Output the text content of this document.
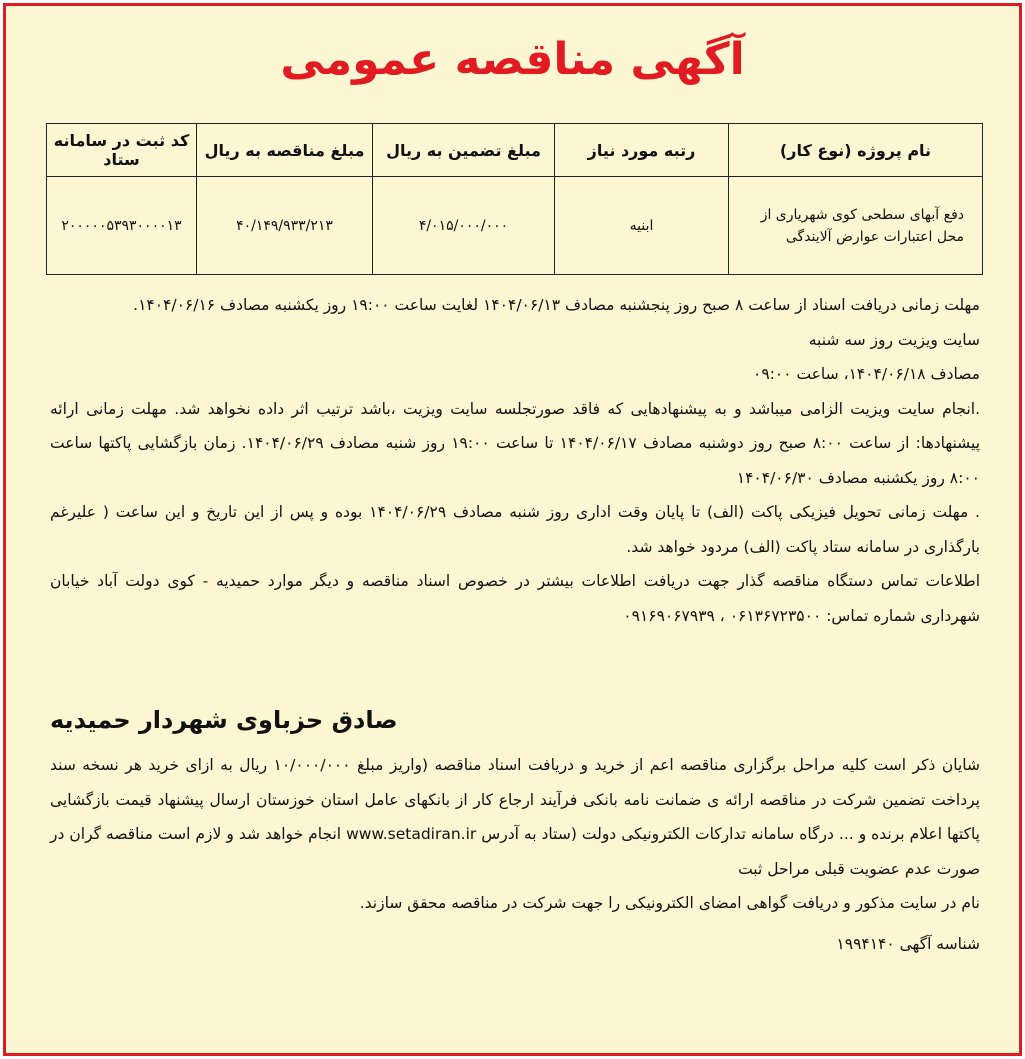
آگهی مناقصه عمومی
نام پروژه (نوع کار)	رتبه مورد نیاز	مبلغ تضمین به ریال	مبلغ مناقصه به ریال	کد ثبت در سامانه ستاد
دفع آبهای سطحی کوی شهریاری از محل اعتبارات عوارض آلایندگی	ابنیه	۴/۰۱۵/۰۰۰/۰۰۰	۴۰/۱۴۹/۹۳۳/۲۱۳	۲۰۰۰۰۰۵۳۹۳۰۰۰۰۱۳

مهلت زمانی دریافت اسناد از ساعت ۸ صبح روز پنجشنبه مصادف ۱۴۰۴/۰۶/۱۳ لغایت ساعت ۱۹:۰۰ روز یکشنبه مصادف ۱۴۰۴/۰۶/۱۶.

سایت ویزیت روز سه شنبه

مصادف ۱۴۰۴/۰۶/۱۸، ساعت ۰۹:۰۰

.انجام سایت ویزیت الزامی میباشد و به پیشنهادهایی که فاقد صورتجلسه سایت ویزیت ،باشد ترتیب اثر داده نخواهد شد. مهلت زمانی ارائه پیشنهادها: از ساعت ۸:۰۰ صبح روز دوشنبه مصادف ۱۴۰۴/۰۶/۱۷ تا ساعت ۱۹:۰۰ روز شنبه مصادف ۱۴۰۴/۰۶/۲۹. زمان بازگشایی پاکتها ساعت ۸:۰۰ روز یکشنبه مصادف ۱۴۰۴/۰۶/۳۰

. مهلت زمانی تحویل فیزیکی پاکت (الف) تا پایان وقت اداری روز شنبه مصادف ۱۴۰۴/۰۶/۲۹ بوده و پس از این تاریخ و این ساعت ( علیرغم بارگذاری در سامانه ستاد پاکت (الف) مردود خواهد شد.

اطلاعات تماس دستگاه مناقصه گذار جهت دریافت اطلاعات بیشتر در خصوص اسناد مناقصه و دیگر موارد حمیدیه - کوی دولت آباد خیابان شهرداری شماره تماس: ۰۶۱۳۶۷۲۳۵۰۰ ، ۰۹۱۶۹۰۶۷۹۳۹

صادق حزباوی شهردار حمیدیه

شایان ذکر است کلیه مراحل برگزاری مناقصه اعم از خرید و دریافت اسناد مناقصه (واریز مبلغ ۱۰/۰۰۰/۰۰۰ ریال به ازای خرید هر نسخه سند پرداخت تضمین شرکت در مناقصه ارائه ی ضمانت نامه بانکی فرآیند ارجاع کار از بانکهای عامل استان خوزستان ارسال پیشنهاد قیمت بازگشایی پاکتها اعلام برنده و ... درگاه سامانه تدارکات الکترونیکی دولت (ستاد به آدرس www.setadiran.ir انجام خواهد شد و لازم است مناقصه گران در صورت عدم عضویت قبلی مراحل ثبت

نام در سایت مذکور و دریافت گواهی امضای الکترونیکی را جهت شرکت در مناقصه محقق سازند.

شناسه آگهی ۱۹۹۴۱۴۰
